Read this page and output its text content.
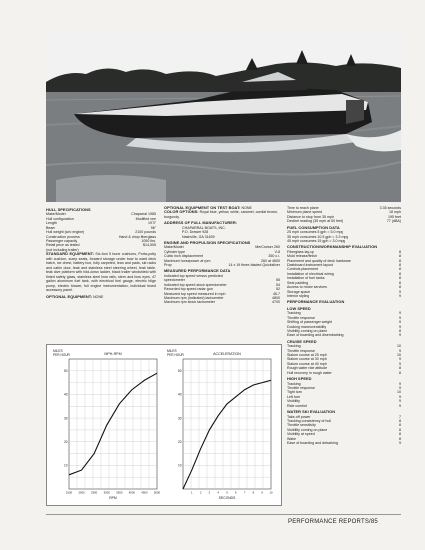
HULL SPECIFICATIONS
Make/Model	Chaparral 1985
Hull configuration	Modified vee
Length	19'3"
Beam	96"
Hull weight (w/o engine)	2100 pounds
Construction process	Hand & chop fiberglass
Passenger capacity	1050 lbs.
Retail price as tested	$14,505
(not including trailer)
STANDARD EQUIPMENT: Six-foot 5 bune cushions, Porta-potty with cushion, sump seats, forward storage under bow to ward deck hatch, ice chest, battery box, fully carpeted, lean and pads, ski racks and cabin door, teak and stainless steel steering wheel, teak table, teak dive platform with fold-down ladder, black trailer windshield with tinted safety glass, stainless steel bow rails, stern and bow eyes, 47 gallon aluminum fuel tank, with electrical fuel gauge, electric bilge pump, electric blower, full engine instrumentation, individual fused accessory panel.
OPTIONAL EQUIPMENT: NONE
OPTIONAL EQUIPMENT ON TEST BOAT: NONE
COLOR OPTIONS: Royal blue, yellow, white, caramel, cordial brown, burgundy.
ADDRESS OF FULL MANUFACTURER:
CHAPARRAL BOATS, INC.
P.O. Drawer 928
Nashville, GA 31639
ENGINE AND PROPULSION SPECIFICATIONS
Make/Model	MerCruiser 260
Cylinder type	V-8
Cubic inch displacement	350 c.i.
Maximum horsepower at rpm	260 at 4600
Prop	14 x 19 three-bladed Quicksilver
MEASURED PERFORMANCE DATA
Indicated top speed versus predicted
speedometer	55
Indicated top speed stock speedometer	54
Recorded top speed radar gun	52
Measured top speed measured in mph	46.7
Maximum rpm (indicated) tachometer	4800
Maximum rpm stock tachometer	4700
Time to reach plane	3.35 seconds
Minimum plane speed	18 mph
Distance to stop from 35 mph	195 feet
Decibel reading (35 mph at 50 feet)	77 (dBA)
FUEL CONSUMPTION DATA
25 mph consumes 5 gph = 5.0 mpg
35 mph consumes 10.5 gph = 3.3 mpg
45 mph consumes 15 gph = 3.0 mpg
CONSTRUCTION/WORKMANSHIP EVALUATION
Fiberglass lay-up	8
Mold release/finish	8
Placement and quality of deck hardware	8
Dashboard instrument layout	8
Controls placement	8
Installation of electrical wiring	8
Installation of fuel tanks	8
Seat padding	8
Access to motor services	8
Storage space	9
Interior styling	9
PERFORMANCE EVALUATION
LOW SPEED
Tracking	9
Throttle response	9
Shifting of passenger weight	9
Docking maneuverability	9
Visibility coming on plane	8
Ease of boarding and disembarking	9
CRUISE SPEED
Tracking	10
Throttle response	9
Slalom course at 25 mph	10
Slalom course at 30 mph	9
Slalom course at 40 mph	9
Rough water ride attitude	8
Hull recovery in rough water	8
HIGH SPEED
Tracking	9
Throttle response	9
Tight turn	10
Left turn	9
Visibility	9
Ride comfort	9
WATER SKI EVALUATION
Take-off power	7
Tracking consistency of hull	8
Throttle sensitivity	8
Visibility coming on plane	8
Visibility at speed	8
Wake	8
Ease of boarding and debarking	9
10
20
30
40
50
1500 2000 2500 3000 3500 4000 4500 5000
MILES
PER HOUR	MPH-RPM
RPM
10
20
30
40
50
1	2	3	4	5	6	7	8	9 10
MILES
PER HOUR	ACCELERATION
SECONDS
PERFORMANCE REPORTS/85
